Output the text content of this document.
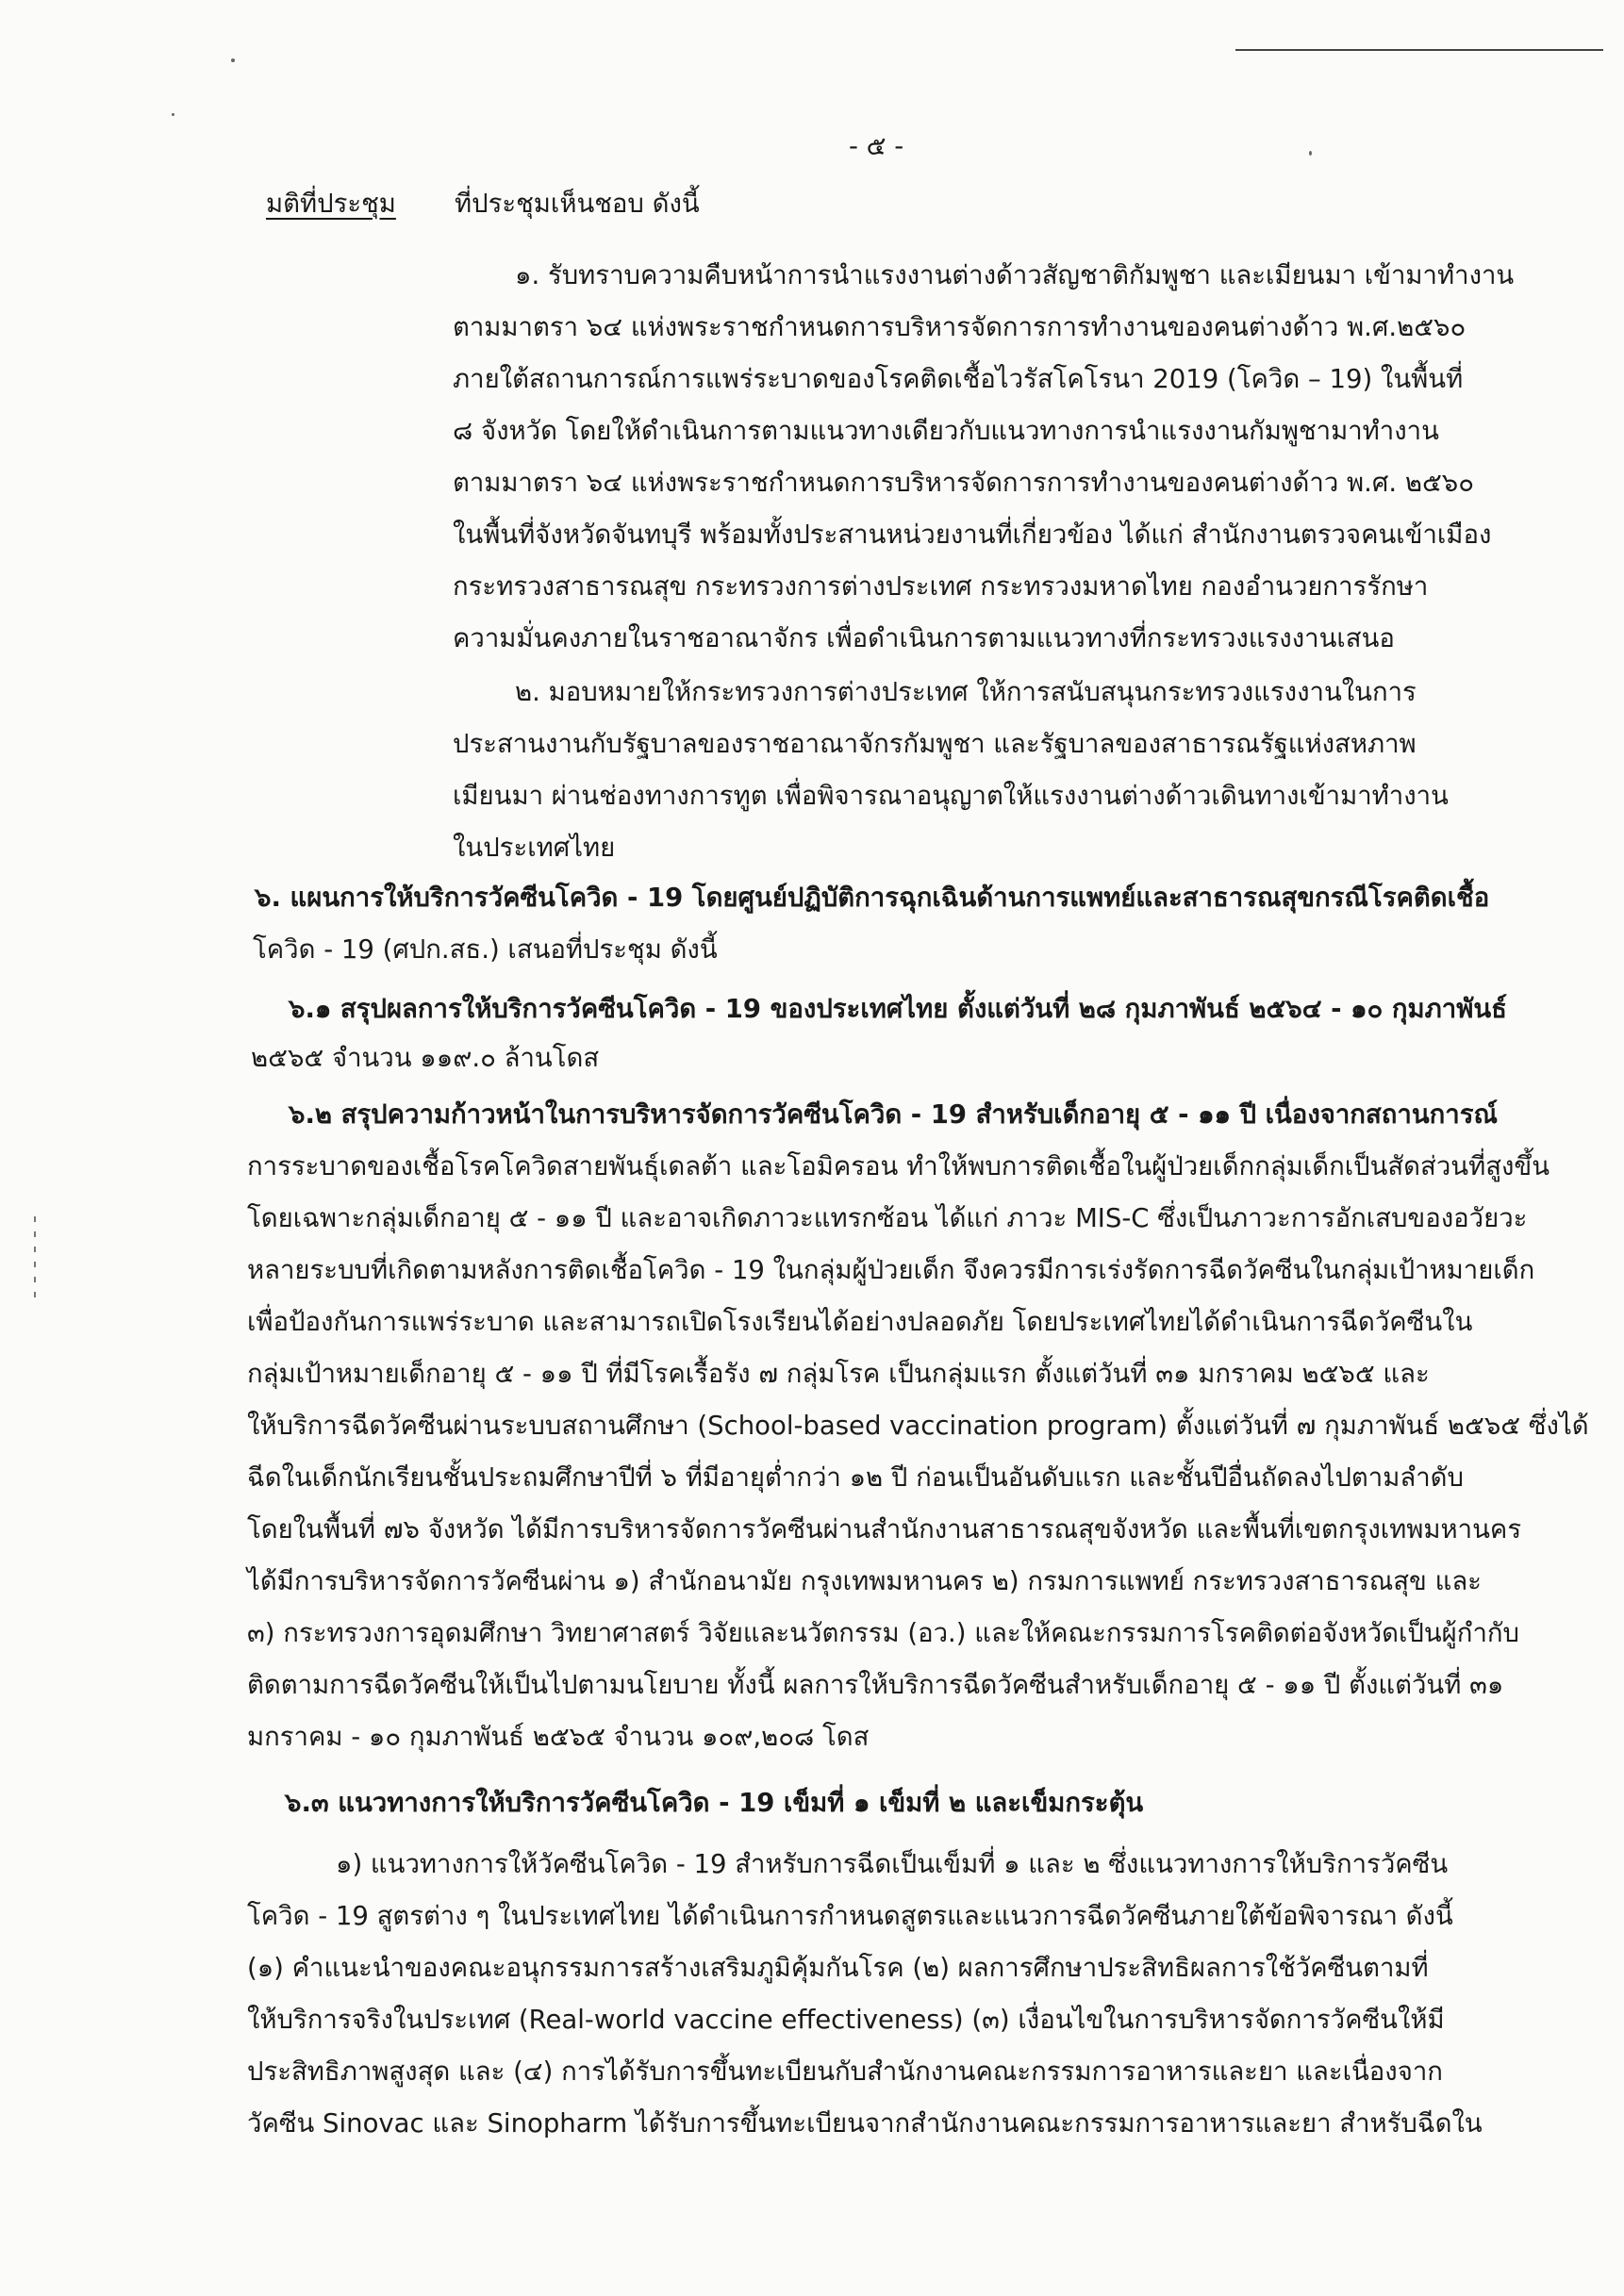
- ๕ -
มติที่ประชุม ที่ประชุมเห็นชอบ ดังนี้
๑. รับทราบความคืบหน้าการนำแรงงานต่างด้าวสัญชาติกัมพูชา และเมียนมา เข้ามาทำงาน
ตามมาตรา ๖๔ แห่งพระราชกำหนดการบริหารจัดการการทำงานของคนต่างด้าว พ.ศ.๒๕๖๐
ภายใต้สถานการณ์การแพร่ระบาดของโรคติดเชื้อไวรัสโคโรนา 2019 (โควิด – 19) ในพื้นที่
๘ จังหวัด โดยให้ดำเนินการตามแนวทางเดียวกับแนวทางการนำแรงงานกัมพูชามาทำงาน
ตามมาตรา ๖๔ แห่งพระราชกำหนดการบริหารจัดการการทำงานของคนต่างด้าว พ.ศ. ๒๕๖๐
ในพื้นที่จังหวัดจันทบุรี พร้อมทั้งประสานหน่วยงานที่เกี่ยวข้อง ได้แก่ สำนักงานตรวจคนเข้าเมือง
กระทรวงสาธารณสุข กระทรวงการต่างประเทศ กระทรวงมหาดไทย กองอำนวยการรักษา
ความมั่นคงภายในราชอาณาจักร เพื่อดำเนินการตามแนวทางที่กระทรวงแรงงานเสนอ
๒. มอบหมายให้กระทรวงการต่างประเทศ ให้การสนับสนุนกระทรวงแรงงานในการ
ประสานงานกับรัฐบาลของราชอาณาจักรกัมพูชา และรัฐบาลของสาธารณรัฐแห่งสหภาพ
เมียนมา ผ่านช่องทางการทูต เพื่อพิจารณาอนุญาตให้แรงงานต่างด้าวเดินทางเข้ามาทำงาน
ในประเทศไทย
๖. แผนการให้บริการวัคซีนโควิด - 19 โดยศูนย์ปฏิบัติการฉุกเฉินด้านการแพทย์และสาธารณสุขกรณีโรคติดเชื้อ
โควิด - 19 (ศปก.สธ.) เสนอที่ประชุม ดังนี้
๖.๑ สรุปผลการให้บริการวัคซีนโควิด - 19 ของประเทศไทย ตั้งแต่วันที่ ๒๘ กุมภาพันธ์ ๒๕๖๔ - ๑๐ กุมภาพันธ์
๒๕๖๕ จำนวน ๑๑๙.๐ ล้านโดส
๖.๒ สรุปความก้าวหน้าในการบริหารจัดการวัคซีนโควิด - 19 สำหรับเด็กอายุ ๕ - ๑๑ ปี เนื่องจากสถานการณ์
การระบาดของเชื้อโรคโควิดสายพันธุ์เดลต้า และโอมิครอน ทำให้พบการติดเชื้อในผู้ป่วยเด็กกลุ่มเด็กเป็นสัดส่วนที่สูงขึ้น
โดยเฉพาะกลุ่มเด็กอายุ ๕ - ๑๑ ปี และอาจเกิดภาวะแทรกซ้อน ได้แก่ ภาวะ MIS-C ซึ่งเป็นภาวะการอักเสบของอวัยวะ
หลายระบบที่เกิดตามหลังการติดเชื้อโควิด - 19 ในกลุ่มผู้ป่วยเด็ก จึงควรมีการเร่งรัดการฉีดวัคซีนในกลุ่มเป้าหมายเด็ก
เพื่อป้องกันการแพร่ระบาด และสามารถเปิดโรงเรียนได้อย่างปลอดภัย โดยประเทศไทยได้ดำเนินการฉีดวัคซีนใน
กลุ่มเป้าหมายเด็กอายุ ๕ - ๑๑ ปี ที่มีโรคเรื้อรัง ๗ กลุ่มโรค เป็นกลุ่มแรก ตั้งแต่วันที่ ๓๑ มกราคม ๒๕๖๕ และ
ให้บริการฉีดวัคซีนผ่านระบบสถานศึกษา (School-based vaccination program) ตั้งแต่วันที่ ๗ กุมภาพันธ์ ๒๕๖๕ ซึ่งได้
ฉีดในเด็กนักเรียนชั้นประถมศึกษาปีที่ ๖ ที่มีอายุต่ำกว่า ๑๒ ปี ก่อนเป็นอันดับแรก และชั้นปีอื่นถัดลงไปตามลำดับ
โดยในพื้นที่ ๗๖ จังหวัด ได้มีการบริหารจัดการวัคซีนผ่านสำนักงานสาธารณสุขจังหวัด และพื้นที่เขตกรุงเทพมหานคร
ได้มีการบริหารจัดการวัคซีนผ่าน ๑) สำนักอนามัย กรุงเทพมหานคร ๒) กรมการแพทย์ กระทรวงสาธารณสุข และ
๓) กระทรวงการอุดมศึกษา วิทยาศาสตร์ วิจัยและนวัตกรรม (อว.) และให้คณะกรรมการโรคติดต่อจังหวัดเป็นผู้กำกับ
ติดตามการฉีดวัคซีนให้เป็นไปตามนโยบาย ทั้งนี้ ผลการให้บริการฉีดวัคซีนสำหรับเด็กอายุ ๕ - ๑๑ ปี ตั้งแต่วันที่ ๓๑
มกราคม - ๑๐ กุมภาพันธ์ ๒๕๖๕ จำนวน ๑๐๙,๒๐๘ โดส
๖.๓ แนวทางการให้บริการวัคซีนโควิด - 19 เข็มที่ ๑ เข็มที่ ๒ และเข็มกระตุ้น
๑) แนวทางการให้วัคซีนโควิด - 19 สำหรับการฉีดเป็นเข็มที่ ๑ และ ๒ ซึ่งแนวทางการให้บริการวัคซีน
โควิด - 19 สูตรต่าง ๆ ในประเทศไทย ได้ดำเนินการกำหนดสูตรและแนวการฉีดวัคซีนภายใต้ข้อพิจารณา ดังนี้
(๑) คำแนะนำของคณะอนุกรรมการสร้างเสริมภูมิคุ้มกันโรค (๒) ผลการศึกษาประสิทธิผลการใช้วัคซีนตามที่
ให้บริการจริงในประเทศ (Real-world vaccine effectiveness) (๓) เงื่อนไขในการบริหารจัดการวัคซีนให้มี
ประสิทธิภาพสูงสุด และ (๔) การได้รับการขึ้นทะเบียนกับสำนักงานคณะกรรมการอาหารและยา และเนื่องจาก
วัคซีน Sinovac และ Sinopharm ได้รับการขึ้นทะเบียนจากสำนักงานคณะกรรมการอาหารและยา สำหรับฉีดใน
